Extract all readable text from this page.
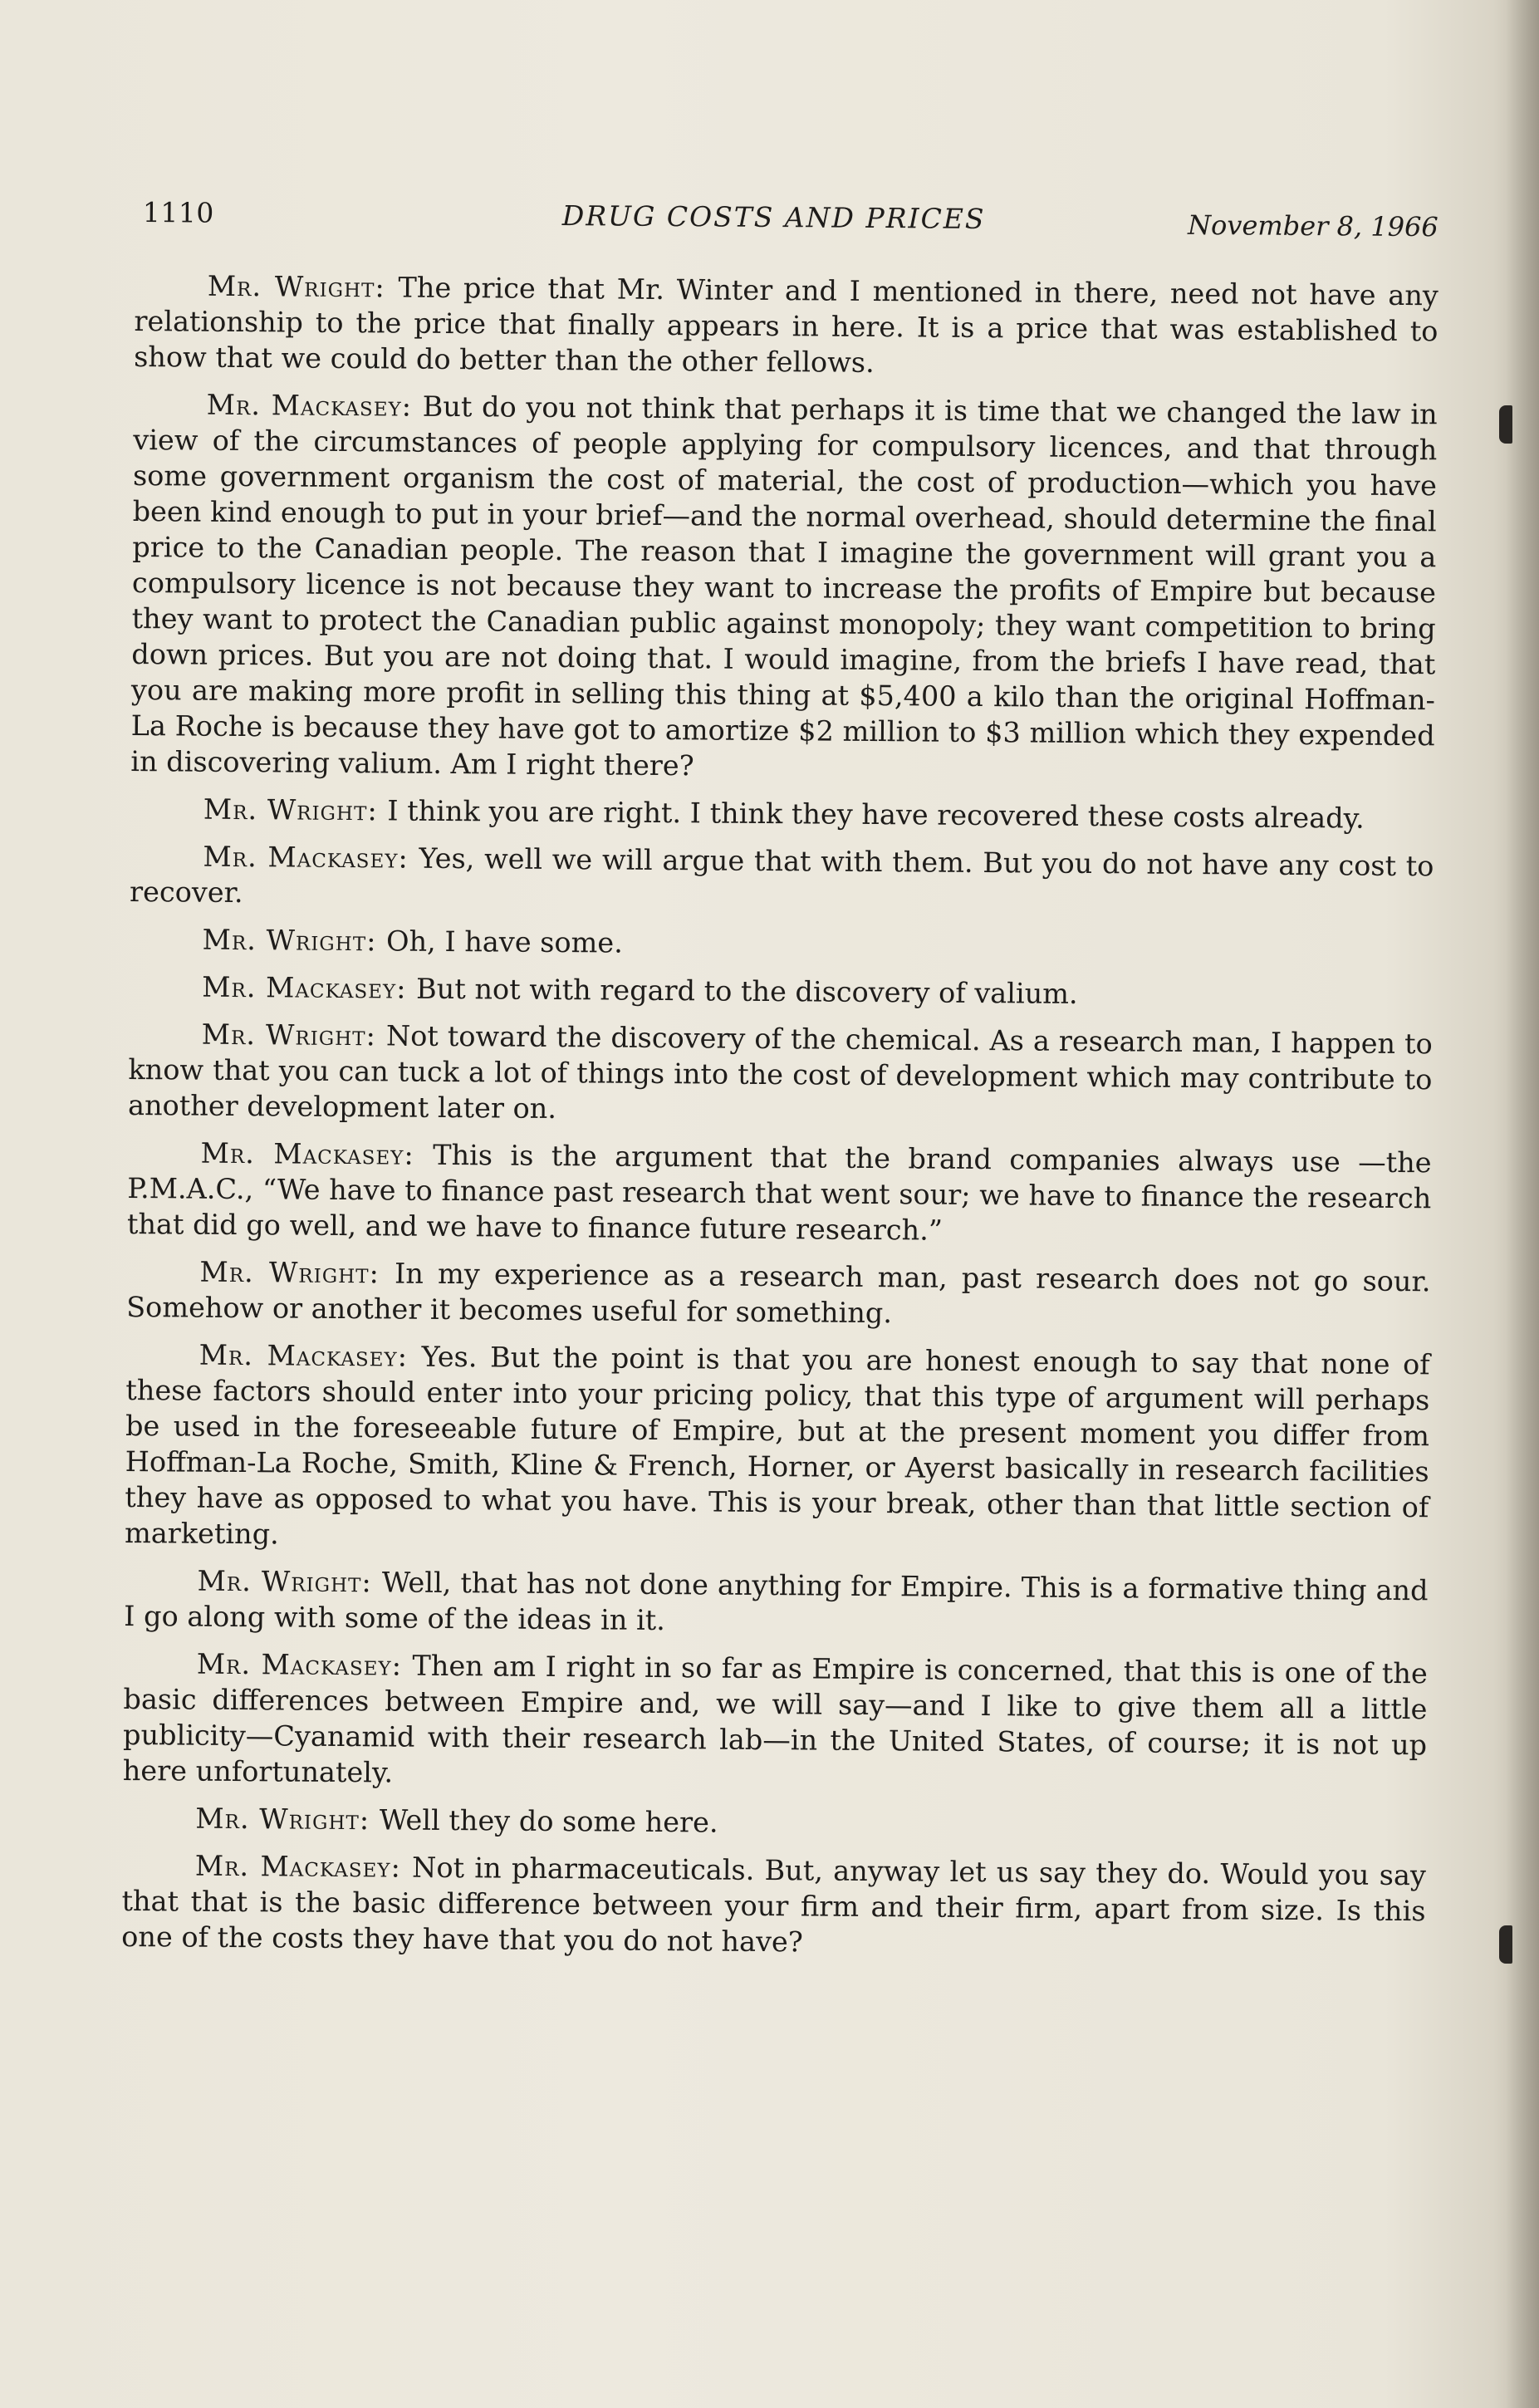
1110	DRUG COSTS AND PRICES	November 8, 1966

Mr. Wright : The price that Mr. Winter and I mentioned in there, need not have any relationship to the price that finally appears in here. It is a price that was established to show that we could do better than the other fellows.

Mr. Mackasey : But do you not think that perhaps it is time that we changed the law in view of the circumstances of people applying for compulsory licences, and that through some government organism the cost of material, the cost of production—which you have been kind enough to put in your brief—and the normal overhead, should determine the final price to the Canadian people. The reason that I imagine the government will grant you a compulsory licence is not because they want to increase the profits of Empire but because they want to protect the Canadian public against monopoly; they want competition to bring down prices. But you are not doing that. I would imagine, from the briefs I have read, that you are making more profit in selling this thing at $5,400 a kilo than the original Hoffman-La Roche is because they have got to amortize $2 million to $3 million which they expended in discovering valium. Am I right there?

Mr. Wright : I think you are right. I think they have recovered these costs already.

Mr. Mackasey : Yes, well we will argue that with them. But you do not have any cost to recover.

Mr. Wright : Oh, I have some.

Mr. Mackasey : But not with regard to the discovery of valium.

Mr. Wright : Not toward the discovery of the chemical. As a research man, I happen to know that you can tuck a lot of things into the cost of development which may contribute to another development later on.

Mr. Mackasey : This is the argument that the brand companies always use —the P.M.A.C., “We have to finance past research that went sour; we have to finance the research that did go well, and we have to finance future research.”

Mr. Wright : In my experience as a research man, past research does not go sour. Somehow or another it becomes useful for something.

Mr. Mackasey : Yes. But the point is that you are honest enough to say that none of these factors should enter into your pricing policy, that this type of argument will perhaps be used in the foreseeable future of Empire, but at the present moment you differ from Hoffman-La Roche, Smith, Kline & French, Horner, or Ayerst basically in research facilities they have as opposed to what you have. This is your break, other than that little section of marketing.

Mr. Wright : Well, that has not done anything for Empire. This is a formative thing and I go along with some of the ideas in it.

Mr. Mackasey : Then am I right in so far as Empire is concerned, that this is one of the basic differences between Empire and, we will say—and I like to give them all a little publicity—Cyanamid with their research lab—in the United States, of course; it is not up here unfortunately.

Mr. Wright : Well they do some here.

Mr. Mackasey : Not in pharmaceuticals. But, anyway let us say they do. Would you say that that is the basic difference between your firm and their firm, apart from size. Is this one of the costs they have that you do not have?
